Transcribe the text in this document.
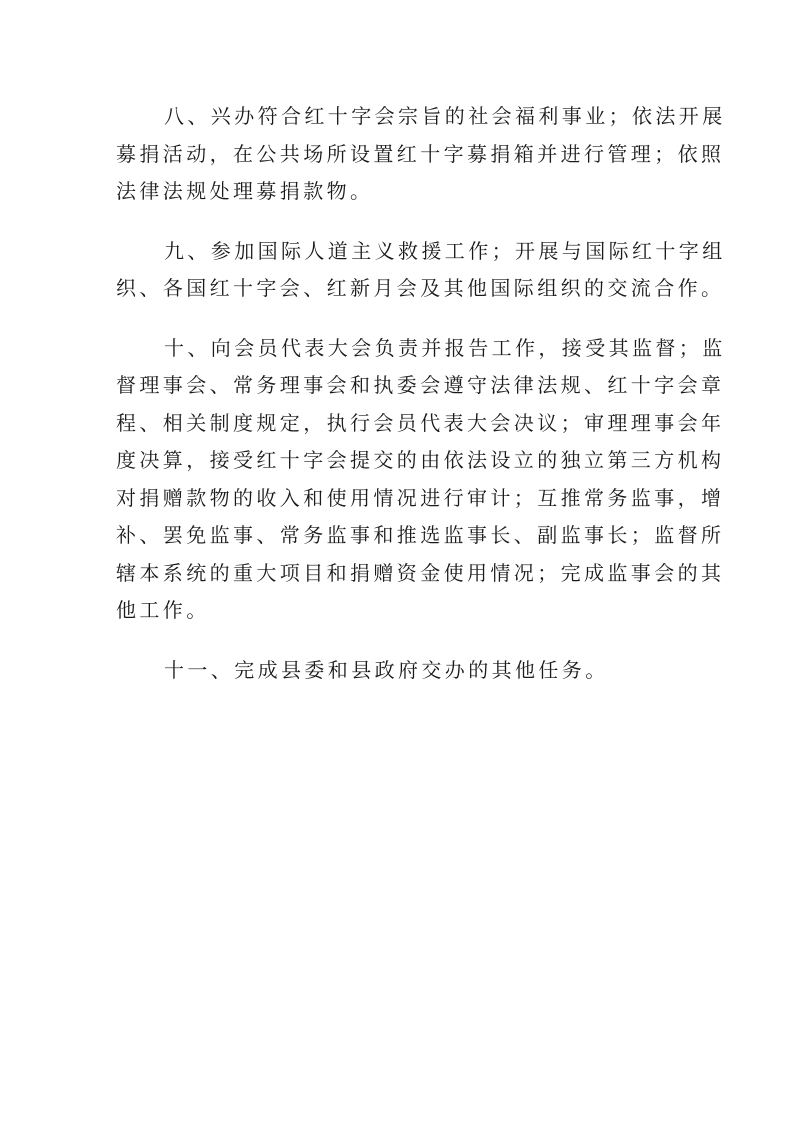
八、兴办符合红十字会宗旨的社会福利事业；依法开展
募捐活动，在公共场所设置红十字募捐箱并进行管理；依照
法律法规处理募捐款物。

九、参加国际人道主义救援工作；开展与国际红十字组
织、各国红十字会、红新月会及其他国际组织的交流合作。

十、向会员代表大会负责并报告工作，接受其监督；监
督理事会、常务理事会和执委会遵守法律法规、红十字会章
程、相关制度规定，执行会员代表大会决议；审理理事会年
度决算，接受红十字会提交的由依法设立的独立第三方机构
对捐赠款物的收入和使用情况进行审计；互推常务监事，增
补、罢免监事、常务监事和推选监事长、副监事长；监督所
辖本系统的重大项目和捐赠资金使用情况；完成监事会的其
他工作。

十一、完成县委和县政府交办的其他任务。
